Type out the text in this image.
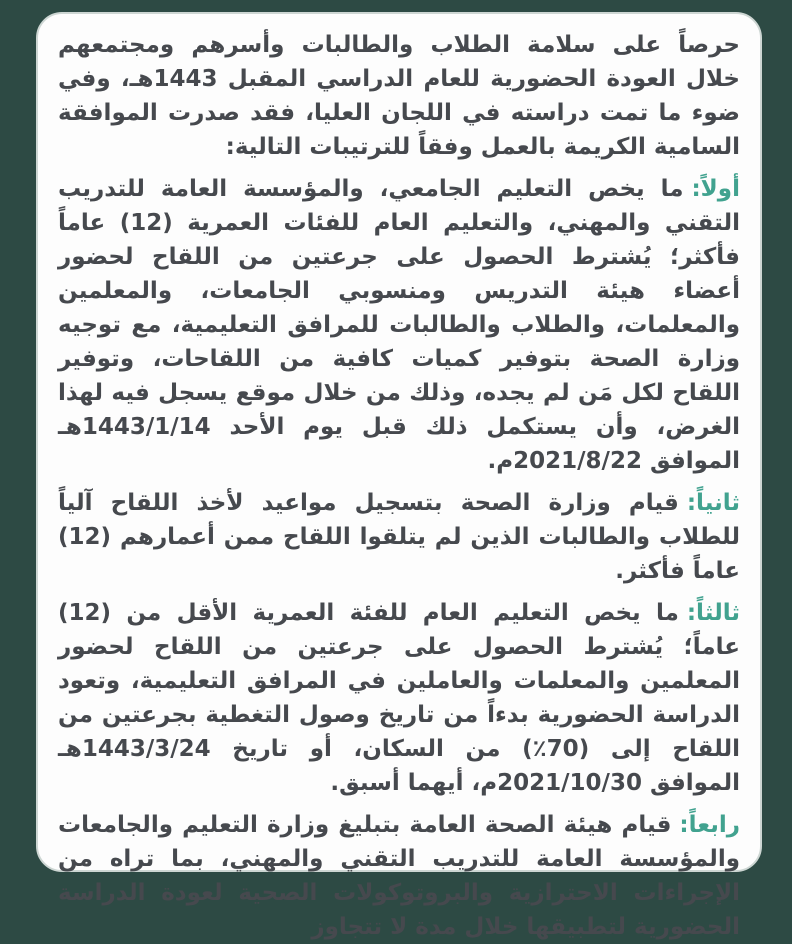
حرصاً على سلامة الطلاب والطالبات وأسرهم ومجتمعهم خلال العودة الحضورية للعام الدراسي المقبل 1443هـ، وفي ضوء ما تمت دراسته في اللجان العليا، فقد صدرت الموافقة السامية الكريمة بالعمل وفقاً للترتيبات التالية:

أولاً:ما يخص التعليم الجامعي، والمؤسسة العامة للتدريب التقني والمهني، والتعليم العام للفئات العمرية (12) عاماً فأكثر؛ يُشترط الحصول على جرعتين من اللقاح لحضور أعضاء هيئة التدريس ومنسوبي الجامعات، والمعلمين والمعلمات، والطلاب والطالبات للمرافق التعليمية، مع توجيه وزارة الصحة بتوفير كميات كافية من اللقاحات، وتوفير اللقاح لكل مَن لم يجده، وذلك من خلال موقع يسجل فيه لهذا الغرض، وأن يستكمل ذلك قبل يوم الأحد 1443/1/14هـ الموافق 2021/8/22م.

ثانياً:قيام وزارة الصحة بتسجيل مواعيد لأخذ اللقاح آلياً للطلاب والطالبات الذين لم يتلقوا اللقاح ممن أعمارهم (12) عاماً فأكثر.

ثالثاً:ما يخص التعليم العام للفئة العمرية الأقل من (12) عاماً؛ يُشترط الحصول على جرعتين من اللقاح لحضور المعلمين والمعلمات والعاملين في المرافق التعليمية، وتعود الدراسة الحضورية بدءاً من تاريخ وصول التغطية بجرعتين من اللقاح إلى (70٪) من السكان، أو تاريخ 1443/3/24هـ الموافق 2021/10/30م، أيهما أسبق.

رابعاً:قيام هيئة الصحة العامة بتبليغ وزارة التعليم والجامعات والمؤسسة العامة للتدريب التقني والمهني، بما تراه من الإجراءات الاحترازية والبروتوكولات الصحية لعودة الدراسة الحضورية لتطبيقها خلال مدة لا تتجاوز
